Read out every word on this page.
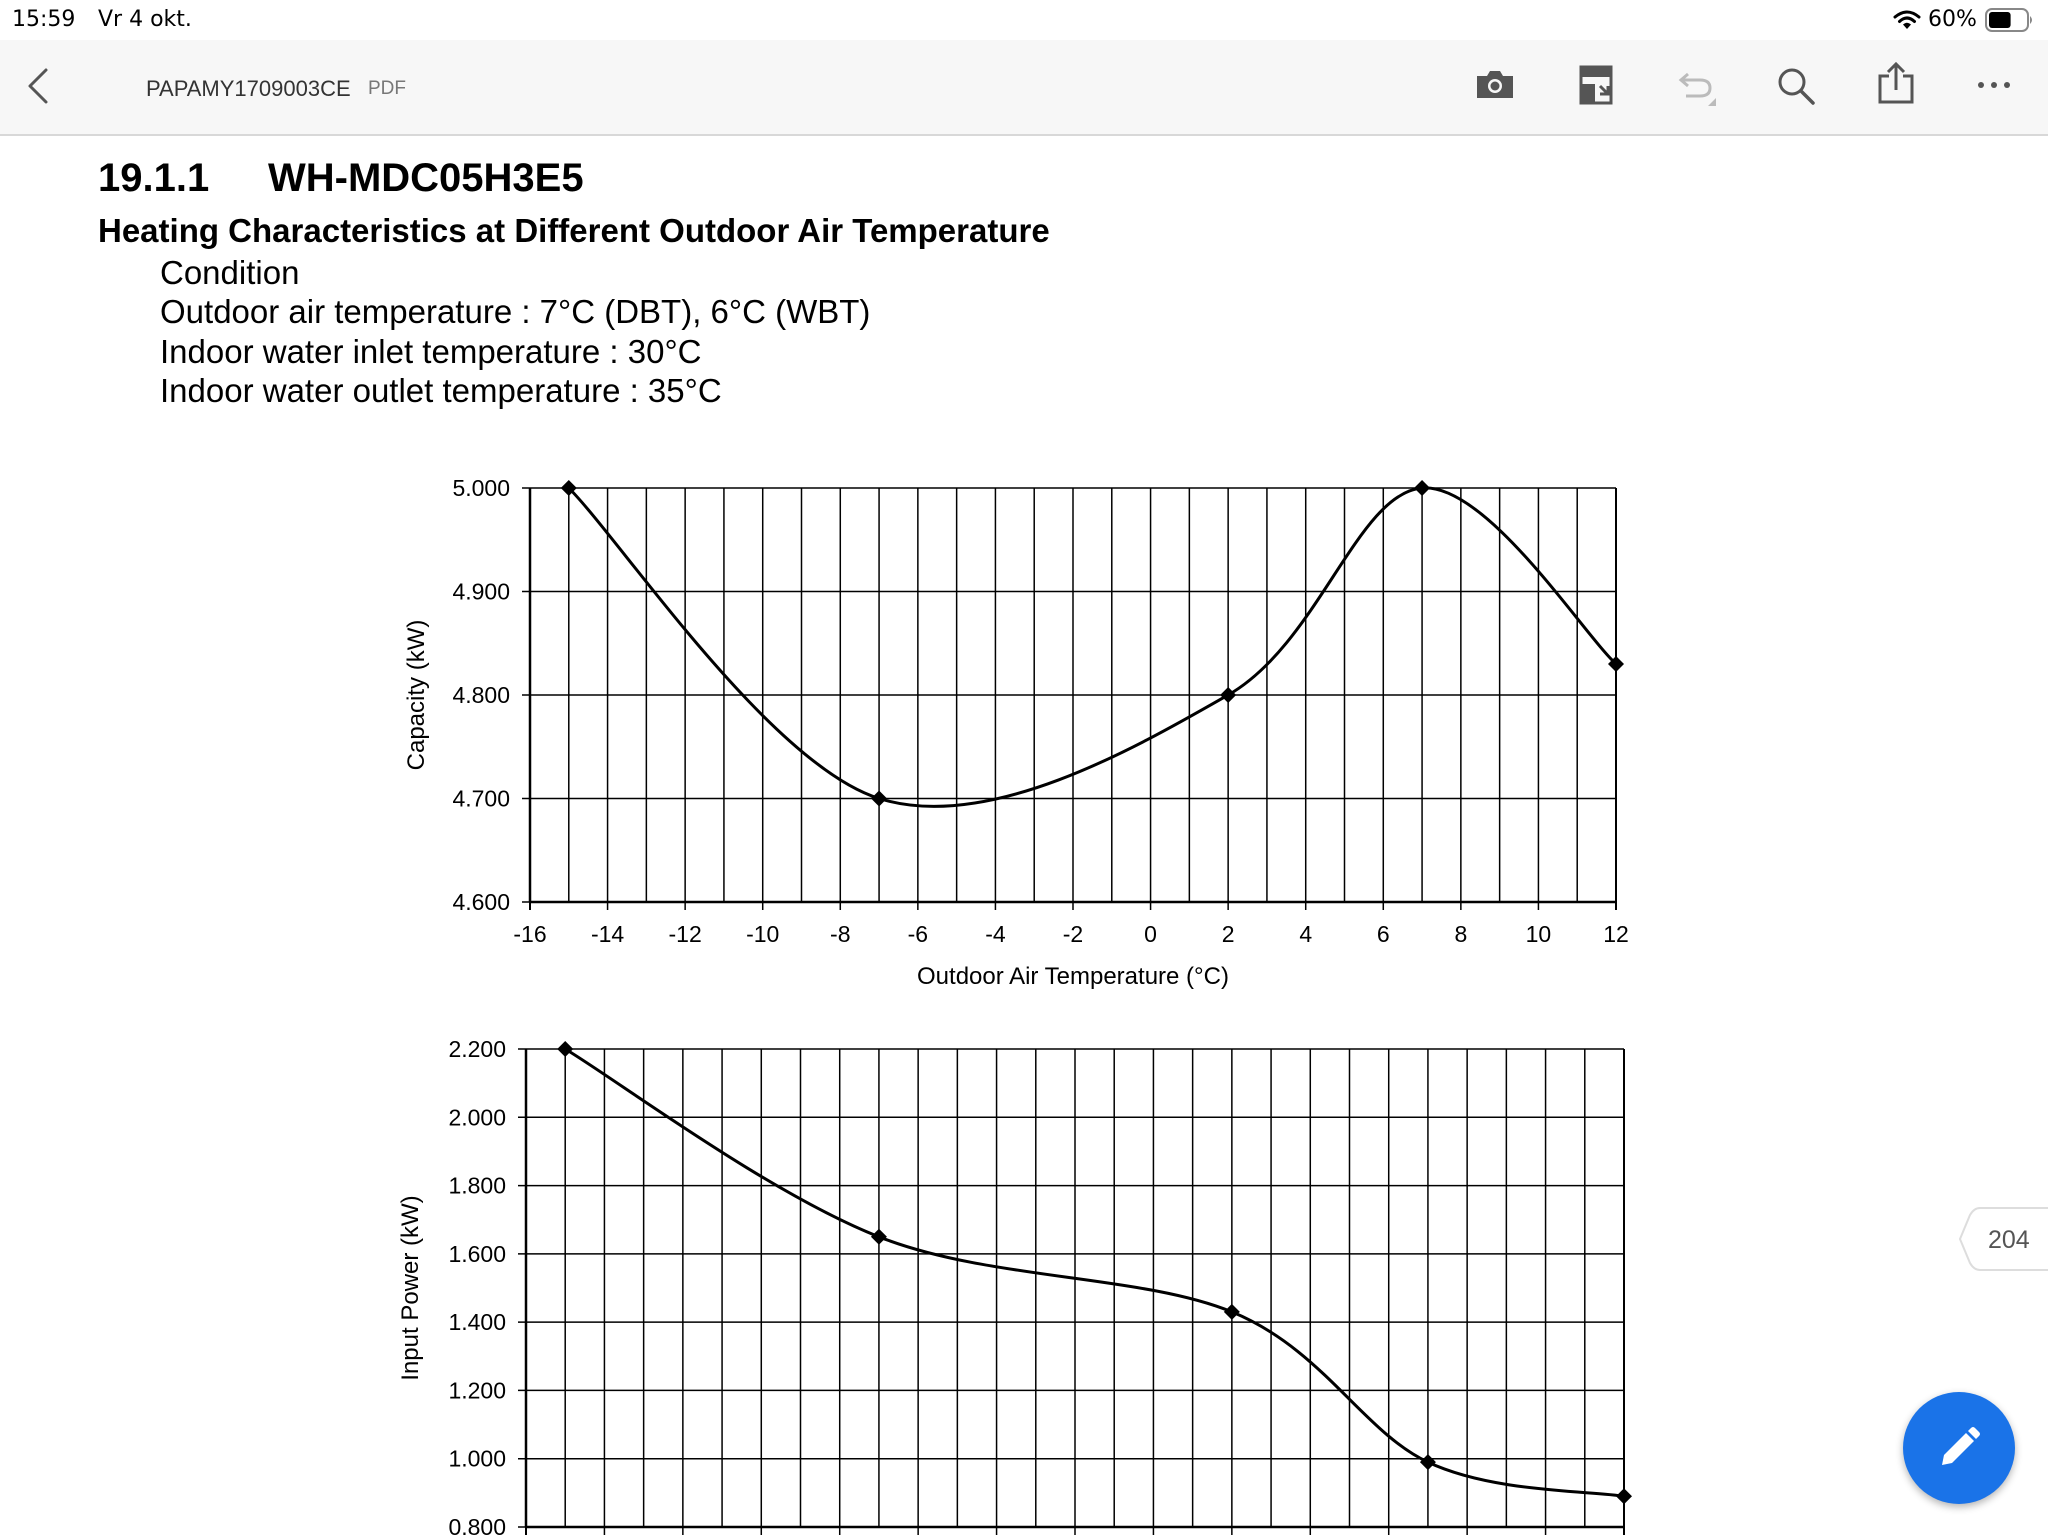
15:59 Vr 4 okt.	60%
PAPAMY1709003CE PDF
19.1.1 WH-MDC05H3E5
Heating Characteristics at Different Outdoor Air Temperature
Condition
Outdoor air temperature : 7°C (DBT), 6°C (WBT)
Indoor water inlet temperature : 30°C
Indoor water outlet temperature : 35°C
-16 -14 -12 -10 -8 -6 -4 -2	0	2	4	6	8	10 12
5.000
4.900
4.800
4.700
4.600
Outdoor Air Temperature (°C)
Capacity (kW)
2.200
2.000
1.800
1.600
1.400
1.200
1.000
0.800
Input Power (kW)	204
